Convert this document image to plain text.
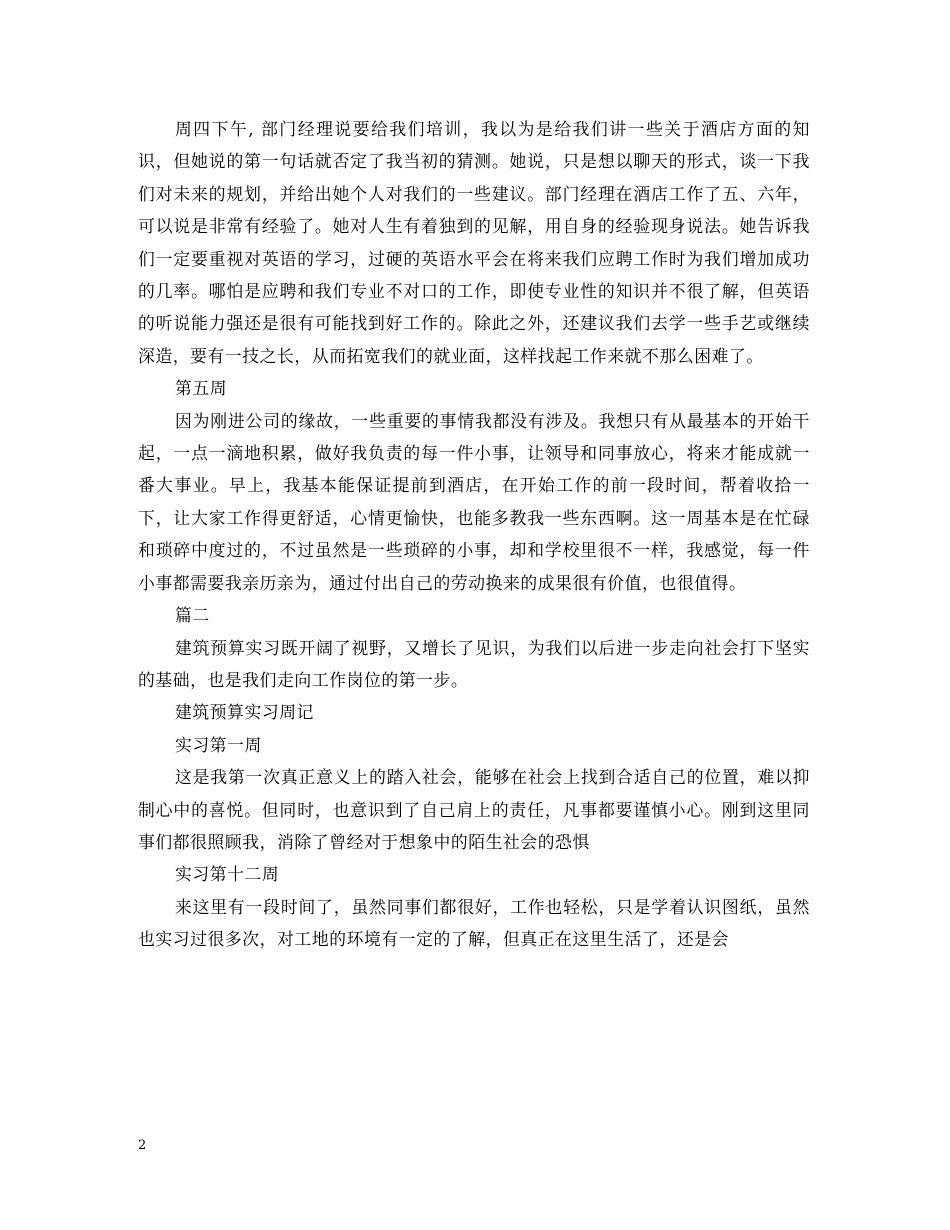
周四下午, 部门经理说要给我们培训，我以为是给我们讲一些关于酒店方面的知识，但她说的第一句话就否定了我当初的猜测。她说，只是想以聊天的形式，谈一下我们对未来的规划，并给出她个人对我们的一些建议。部门经理在酒店工作了五、六年，可以说是非常有经验了。她对人生有着独到的见解，用自身的经验现身说法。她告诉我们一定要重视对英语的学习，过硬的英语水平会在将来我们应聘工作时为我们增加成功的几率。哪怕是应聘和我们专业不对口的工作，即使专业性的知识并不很了解，但英语的听说能力强还是很有可能找到好工作的。除此之外，还建议我们去学一些手艺或继续深造，要有一技之长，从而拓宽我们的就业面，这样找起工作来就不那么困难了。

第五周

因为刚进公司的缘故，一些重要的事情我都没有涉及。我想只有从最基本的开始干起，一点一滴地积累，做好我负责的每一件小事，让领导和同事放心，将来才能成就一番大事业。早上，我基本能保证提前到酒店，在开始工作的前一段时间，帮着收拾一下，让大家工作得更舒适，心情更愉快，也能多教我一些东西啊。这一周基本是在忙碌和琐碎中度过的，不过虽然是一些琐碎的小事，却和学校里很不一样，我感觉，每一件小事都需要我亲历亲为，通过付出自己的劳动换来的成果很有价值，也很值得。

篇二

建筑预算实习既开阔了视野，又增长了见识，为我们以后进一步走向社会打下坚实的基础，也是我们走向工作岗位的第一步。

建筑预算实习周记

实习第一周

这是我第一次真正意义上的踏入社会，能够在社会上找到合适自己的位置，难以抑制心中的喜悦。但同时，也意识到了自己肩上的责任，凡事都要谨慎小心。刚到这里同事们都很照顾我，消除了曾经对于想象中的陌生社会的恐惧

实习第十二周

来这里有一段时间了，虽然同事们都很好，工作也轻松，只是学着认识图纸，虽然也实习过很多次，对工地的环境有一定的了解，但真正在这里生活了，还是会

2
